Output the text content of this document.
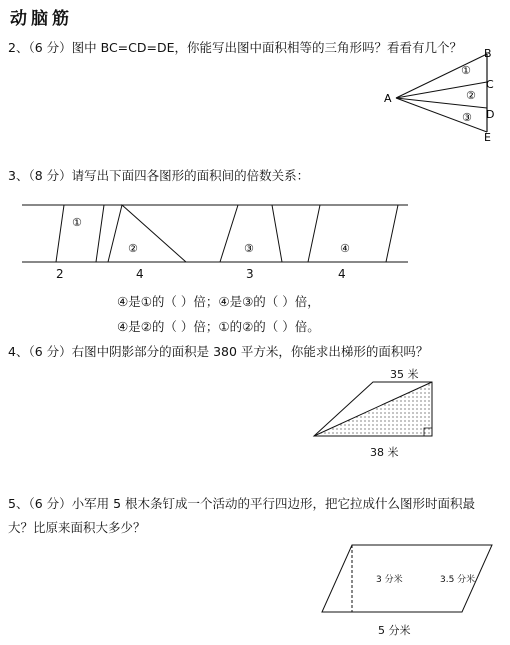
动脑筋
2、（6 分）图中 BC=CD=DE，你能写出图中面积相等的三角形吗？看看有几个？
A
B
C
D
E
①
②
③
①
②	③	④
2	4	3	4
3、（8 分）请写出下面四各图形的面积间的倍数关系：
④是①的（ ）倍；④是③的（ ）倍，
④是②的（ ）倍；①的②的（ ）倍。
4、（6 分）右图中阴影部分的面积是 380 平方米，你能求出梯形的面积吗？
35 米
38 米
5、（6 分）小军用 5 根木条钉成一个活动的平行四边形，把它拉成什么图形时面积最
大？比原来面积大多少？
3 分米	3.5 分米
5 分米
